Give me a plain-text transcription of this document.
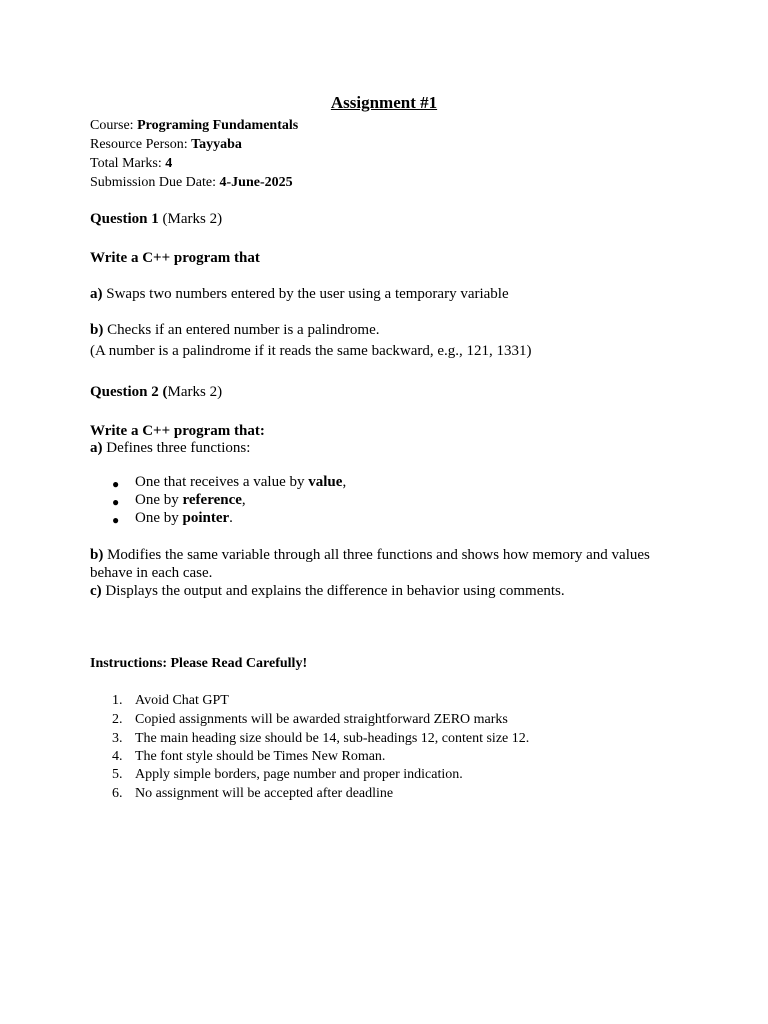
Assignment #1
Course: Programing Fundamentals
Resource Person: Tayyaba
Total Marks: 4
Submission Due Date: 4-June-2025
Question 1 (Marks 2)
Write a C++ program that
a) Swaps two numbers entered by the user using a temporary variable
b) Checks if an entered number is a palindrome.
(A number is a palindrome if it reads the same backward, e.g., 121, 1331)
Question 2 (Marks 2)
Write a C++ program that:
a) Defines three functions:
● One that receives a value by value,
● One by reference,
● One by pointer.
b) Modifies the same variable through all three functions and shows how memory and values
behave in each case.
c) Displays the output and explains the difference in behavior using comments.
Instructions: Please Read Carefully!
1. Avoid Chat GPT
2. Copied assignments will be awarded straightforward ZERO marks
3. The main heading size should be 14, sub-headings 12, content size 12.
4. The font style should be Times New Roman.
5. Apply simple borders, page number and proper indication.
6. No assignment will be accepted after deadline
